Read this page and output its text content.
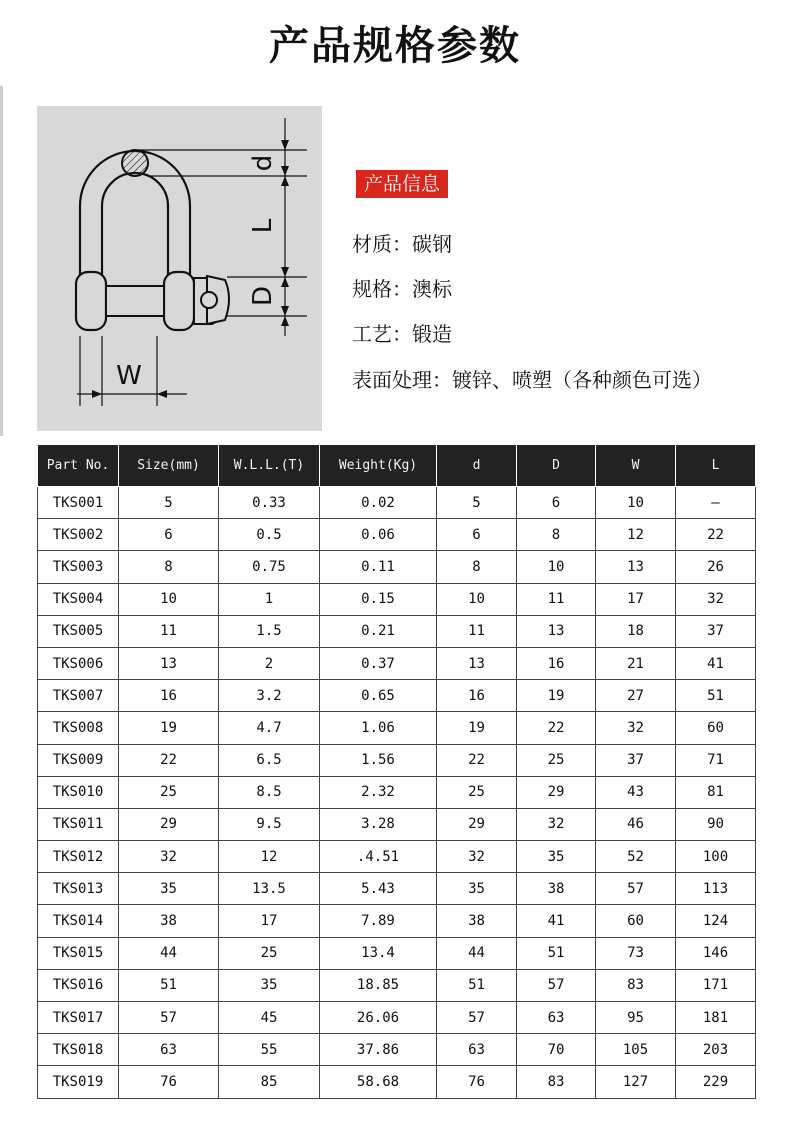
产品规格参数
d
L
D
W
产品信息
材质：碳钢
规格：澳标
工艺：锻造
表面处理：镀锌、喷塑（各种颜色可选）
Part No.	Size(mm)	W.L.L.(T)	Weight(Kg)	d	D	W	L
TKS001	5	0.33	0.02	5	6	10	—
TKS002	6	0.5	0.06	6	8	12	22
TKS003	8	0.75	0.11	8	10	13	26
TKS004	10	1	0.15	10	11	17	32
TKS005	11	1.5	0.21	11	13	18	37
TKS006	13	2	0.37	13	16	21	41
TKS007	16	3.2	0.65	16	19	27	51
TKS008	19	4.7	1.06	19	22	32	60
TKS009	22	6.5	1.56	22	25	37	71
TKS010	25	8.5	2.32	25	29	43	81
TKS011	29	9.5	3.28	29	32	46	90
TKS012	32	12	.4.51	32	35	52	100
TKS013	35	13.5	5.43	35	38	57	113
TKS014	38	17	7.89	38	41	60	124
TKS015	44	25	13.4	44	51	73	146
TKS016	51	35	18.85	51	57	83	171
TKS017	57	45	26.06	57	63	95	181
TKS018	63	55	37.86	63	70	105	203
TKS019	76	85	58.68	76	83	127	229
